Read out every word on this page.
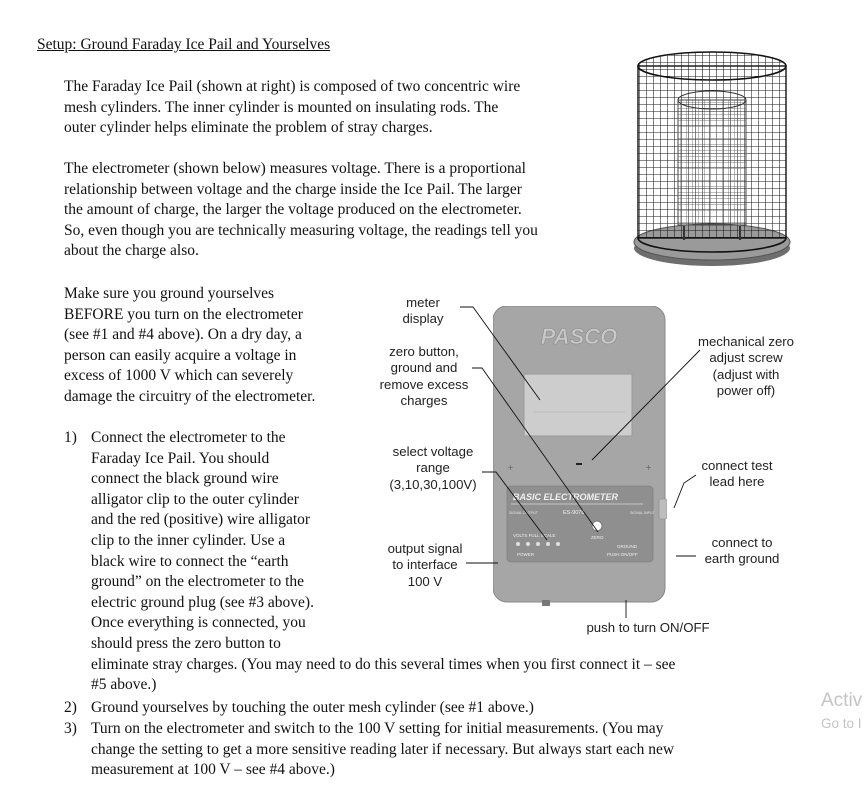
Setup: Ground Faraday Ice Pail and Yourselves
The Faraday Ice Pail (shown at right) is composed of two concentric wire
mesh cylinders. The inner cylinder is mounted on insulating rods. The
outer cylinder helps eliminate the problem of stray charges.
The electrometer (shown below) measures voltage. There is a proportional
relationship between voltage and the charge inside the Ice Pail. The larger
the amount of charge, the larger the voltage produced on the electrometer.
So, even though you are technically measuring voltage, the readings tell you
about the charge also.
Make sure you ground yourselves
BEFORE you turn on the electrometer
(see #1 and #4 above). On a dry day, a
person can easily acquire a voltage in
excess of 1000 V which can severely
damage the circuitry of the electrometer.
1) Connect the electrometer to the
Faraday Ice Pail. You should
connect the black ground wire
alligator clip to the outer cylinder
and the red (positive) wire alligator
clip to the inner cylinder. Use a
black wire to connect the “earth
ground” on the electrometer to the
electric ground plug (see #3 above).
Once everything is connected, you
should press the zero button to
eliminate stray charges. (You may need to do this several times when you first connect it – see
#5 above.)
2) Ground yourselves by touching the outer mesh cylinder (see #1 above.)
3) Turn on the electrometer and switch to the 100 V setting for initial measurements. (You may
change the setting to get a more sensitive reading later if necessary. But always start each new
measurement at 100 V – see #4 above.)
PASCO
+	+
BASIC ELECTROMETER
ES-9078
SIGNAL OUTPUT	SIGNAL INPUT
ZERO
VOLTS FULL SCALE
POWER
GROUND
PUSH ON/OFF
meter
display
zero button,
ground and
remove excess
charges
select voltage
range
(3,10,30,100V)
output signal
to interface
100 V
mechanical zero
adjust screw
(adjust with
power off)
connect test
lead here
connect to
earth ground
push to turn ON/OFF
Activ
Go to I
